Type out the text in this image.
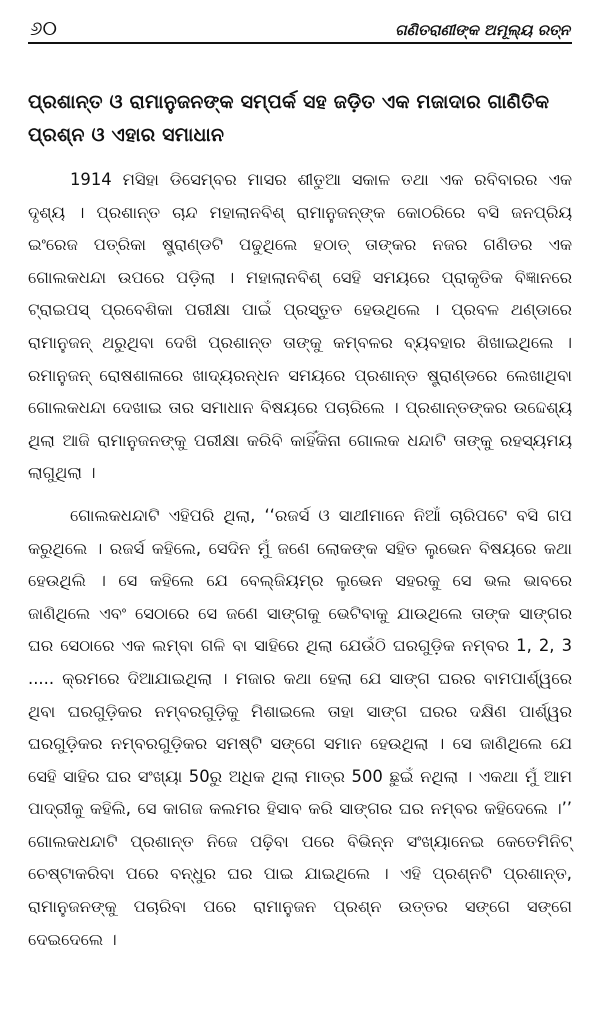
୬୦	ଗଣିତରାଣୀଙ୍କ ଅମୂଲ୍ୟ ରତ୍ନ
ପ୍ରଶାନ୍ତ ଓ ରାମାନୁଜନଙ୍କ ସମ୍ପର୍କ ସହ ଜଡ଼ିତ ଏକ ମଜାଦାର ଗାଣିତିକ ପ୍ରଶ୍ନ ଓ ଏହାର ସମାଧାନ

1914 ମସିହା ଡିସେମ୍ବର ମାସର ଶୀତୁଆ ସକାଳ ତଥା ଏକ ରବିବାରର ଏକ ଦୃଶ୍ୟ । ପ୍ରଶାନ୍ତ ଚାନ୍ଦ ମହାଲାନବିଶ୍ ରାମାନୁଜନ୍‌ଙ୍କ କୋଠରିରେ ବସି ଜନପ୍ରିୟ ଇଂରେଜ ପତ୍ରିକା ଷ୍ଟ୍ରାଣ୍ଡଟି ପଢୁଥିଲେ ହଠାତ୍ ତାଙ୍କର ନଜର ଗଣିତର ଏକ ଗୋଲକଧନ୍ଦା ଉପରେ ପଡ଼ିଲା । ମହାଲାନବିଶ୍ ସେହି ସମୟରେ ପ୍ରାକୃତିକ ବିଜ୍ଞାନରେ ଟ୍ରାଇପସ୍ ପ୍ରବେଶିକା ପରୀକ୍ଷା ପାଇଁ ପ୍ରସ୍ତୁତ ହେଉଥିଲେ । ପ୍ରବଳ ଥଣ୍ଡାରେ ରାମାନୁଜନ୍ ଥରୁଥିବା ଦେଖି ପ୍ରଶାନ୍ତ ତାଙ୍କୁ କମ୍ବଳର ବ୍ୟବହାର ଶିଖାଇଥିଲେ । ରମାନୁଜନ୍ ରୋଷଶାଳାରେ ଖାଦ୍ୟରନ୍ଧନ ସମୟରେ ପ୍ରଶାନ୍ତ ଷ୍ଟ୍ରାଣ୍ଡରେ ଲେଖାଥିବା ଗୋଲକଧନ୍ଦା ଦେଖାଇ ତାର ସମାଧାନ ବିଷୟରେ ପଚାରିଲେ । ପ୍ରଶାନ୍ତଙ୍କର ଉଦ୍ଦେଶ୍ୟ ଥିଲା ଆଜି ରାମାନୁଜନଙ୍କୁ ପରୀକ୍ଷା କରିବି କାହିଁକିନା ଗୋଲକ ଧନ୍ଦାଟି ତାଙ୍କୁ ରହସ୍ୟମୟ ଲାଗୁଥିଲା ।

ଗୋଲକଧନ୍ଦାଟି ଏହିପରି ଥିଲା, ‘‘ରଜର୍ସ ଓ ସାଥୀମାନେ ନିଆଁ ଚାରିପଟେ ବସି ଗପ କରୁଥିଲେ । ରଜର୍ସ କହିଲେ, ସେଦିନ ମୁଁ ଜଣେ ଲୋକଙ୍କ ସହିତ ଲୁଭେନ ବିଷୟରେ କଥା ହେଉଥିଲି । ସେ କହିଲେ ଯେ ବେଲ୍‌ଜିୟମ୍‌ର ଲୁଭେନ ସହରକୁ ସେ ଭଲ ଭାବରେ ଜାଣିଥିଲେ ଏବଂ ସେଠାରେ ସେ ଜଣେ ସାଙ୍ଗକୁ ଭେଟିବାକୁ ଯାଉଥିଲେ ତାଙ୍କ ସାଙ୍ଗର ଘର ସେଠାରେ ଏକ ଲମ୍ବା ଗଳି ବା ସାହିରେ ଥିଲା ଯେଉଁଠି ଘରଗୁଡ଼ିକ ନମ୍ବର 1, 2, 3 ..... କ୍ରମରେ ଦିଆଯାଇଥିଲା । ମଜାର କଥା ହେଲା ଯେ ସାଙ୍ଗ ଘରର ବାମପାର୍ଶ୍ୱରେ ଥିବା ଘରଗୁଡ଼ିକର ନମ୍ବରଗୁଡ଼ିକୁ ମିଶାଇଲେ ତାହା ସାଙ୍ଗ ଘରର ଦକ୍ଷିଣ ପାର୍ଶ୍ୱର ଘରଗୁଡ଼ିକର ନମ୍ବରଗୁଡ଼ିକର ସମଷ୍ଟି ସଙ୍ଗେ ସମାନ ହେଉଥିଲା । ସେ ଜାଣିଥିଲେ ଯେ ସେହି ସାହିର ଘର ସଂଖ୍ୟା 50ରୁ ଅଧିକ ଥିଲା ମାତ୍ର 500 ଛୁଇଁ ନଥିଲା । ଏକଥା ମୁଁ ଆମ ପାଦ୍ରୀକୁ କହିଲି, ସେ କାଗଜ କଲମର ହିସାବ କରି ସାଙ୍ଗର ଘର ନମ୍ବର କହିଦେଲେ ।’’ ଗୋଲକଧନ୍ଦାଟି ପ୍ରଶାନ୍ତ ନିଜେ ପଢ଼ିବା ପରେ ବିଭିନ୍ନ ସଂଖ୍ୟାନେଇ କେତେମିନିଟ୍ ଚେଷ୍ଟାକରିବା ପରେ ବନ୍ଧୁର ଘର ପାଇ ଯାଇଥିଲେ । ଏହି ପ୍ରଶ୍ନଟି ପ୍ରଶାନ୍ତ, ରାମାନୁଜନଙ୍କୁ ପଚାରିବା ପରେ ରାମାନୁଜନ ପ୍ରଶ୍ନ ଉତ୍ତର ସଙ୍ଗେ ସଙ୍ଗେ ଦେଇଦେଲେ ।
